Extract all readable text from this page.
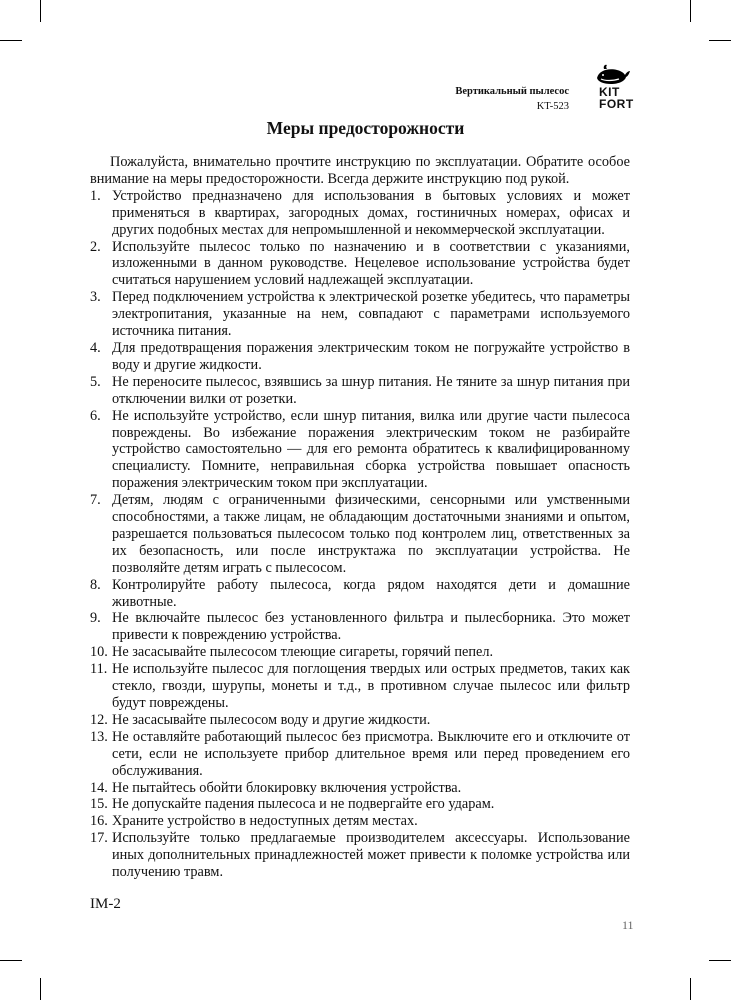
Вертикальный пылесос
KT-523
KIT
FORT
Меры предосторожности

Пожалуйста, внимательно прочтите инструкцию по эксплуатации. Обратите особое внимание на меры предосторожности. Всегда держите инструкцию под рукой.

1. Устройство предназначено для использования в бытовых условиях и может применяться в квартирах, загородных домах, гостиничных номерах, офисах и других подобных местах для непромышленной и некоммерческой эксплуатации.
2. Используйте пылесос только по назначению и в соответствии с указаниями, изложенными в данном руководстве. Нецелевое использование устройства будет считаться нарушением условий надлежащей эксплуатации.
3. Перед подключением устройства к электрической розетке убедитесь, что параметры электропитания, указанные на нем, совпадают с параметрами используемого источника питания.
4. Для предотвращения поражения электрическим током не погружайте устройство в воду и другие жидкости.
5. Не переносите пылесос, взявшись за шнур питания. Не тяните за шнур питания при отключении вилки от розетки.
6. Не используйте устройство, если шнур питания, вилка или другие части пылесоса повреждены. Во избежание поражения электрическим током не разбирайте устройство самостоятельно — для его ремонта обратитесь к квалифицированному специалисту. Помните, неправильная сборка устройства повышает опасность поражения электрическим током при эксплуатации.
7. Детям, людям с ограниченными физическими, сенсорными или умственными способностями, а также лицам, не обладающим достаточными знаниями и опытом, разрешается пользоваться пылесосом только под контролем лиц, ответственных за их безопасность, или после инструктажа по эксплуатации устройства. Не позволяйте детям играть с пылесосом.
8. Контролируйте работу пылесоса, когда рядом находятся дети и домашние животные.
9. Не включайте пылесос без установленного фильтра и пылесборника. Это может привести к повреждению устройства.
10. Не засасывайте пылесосом тлеющие сигареты, горячий пепел.
11. Не используйте пылесос для поглощения твердых или острых предметов, таких как стекло, гвозди, шурупы, монеты и т.д., в противном случае пылесос или фильтр будут повреждены.
12. Не засасывайте пылесосом воду и другие жидкости.
13. Не оставляйте работающий пылесос без присмотра. Выключите его и отключите от сети, если не используете прибор длительное время или перед проведением его обслуживания.
14. Не пытайтесь обойти блокировку включения устройства.
15. Не допускайте падения пылесоса и не подвергайте его ударам.
16. Храните устройство в недоступных детям местах.
17. Используйте только предлагаемые производителем аксессуары. Использование иных дополнительных принадлежностей может привести к поломке устройства или получению травм.
IM-2
11
